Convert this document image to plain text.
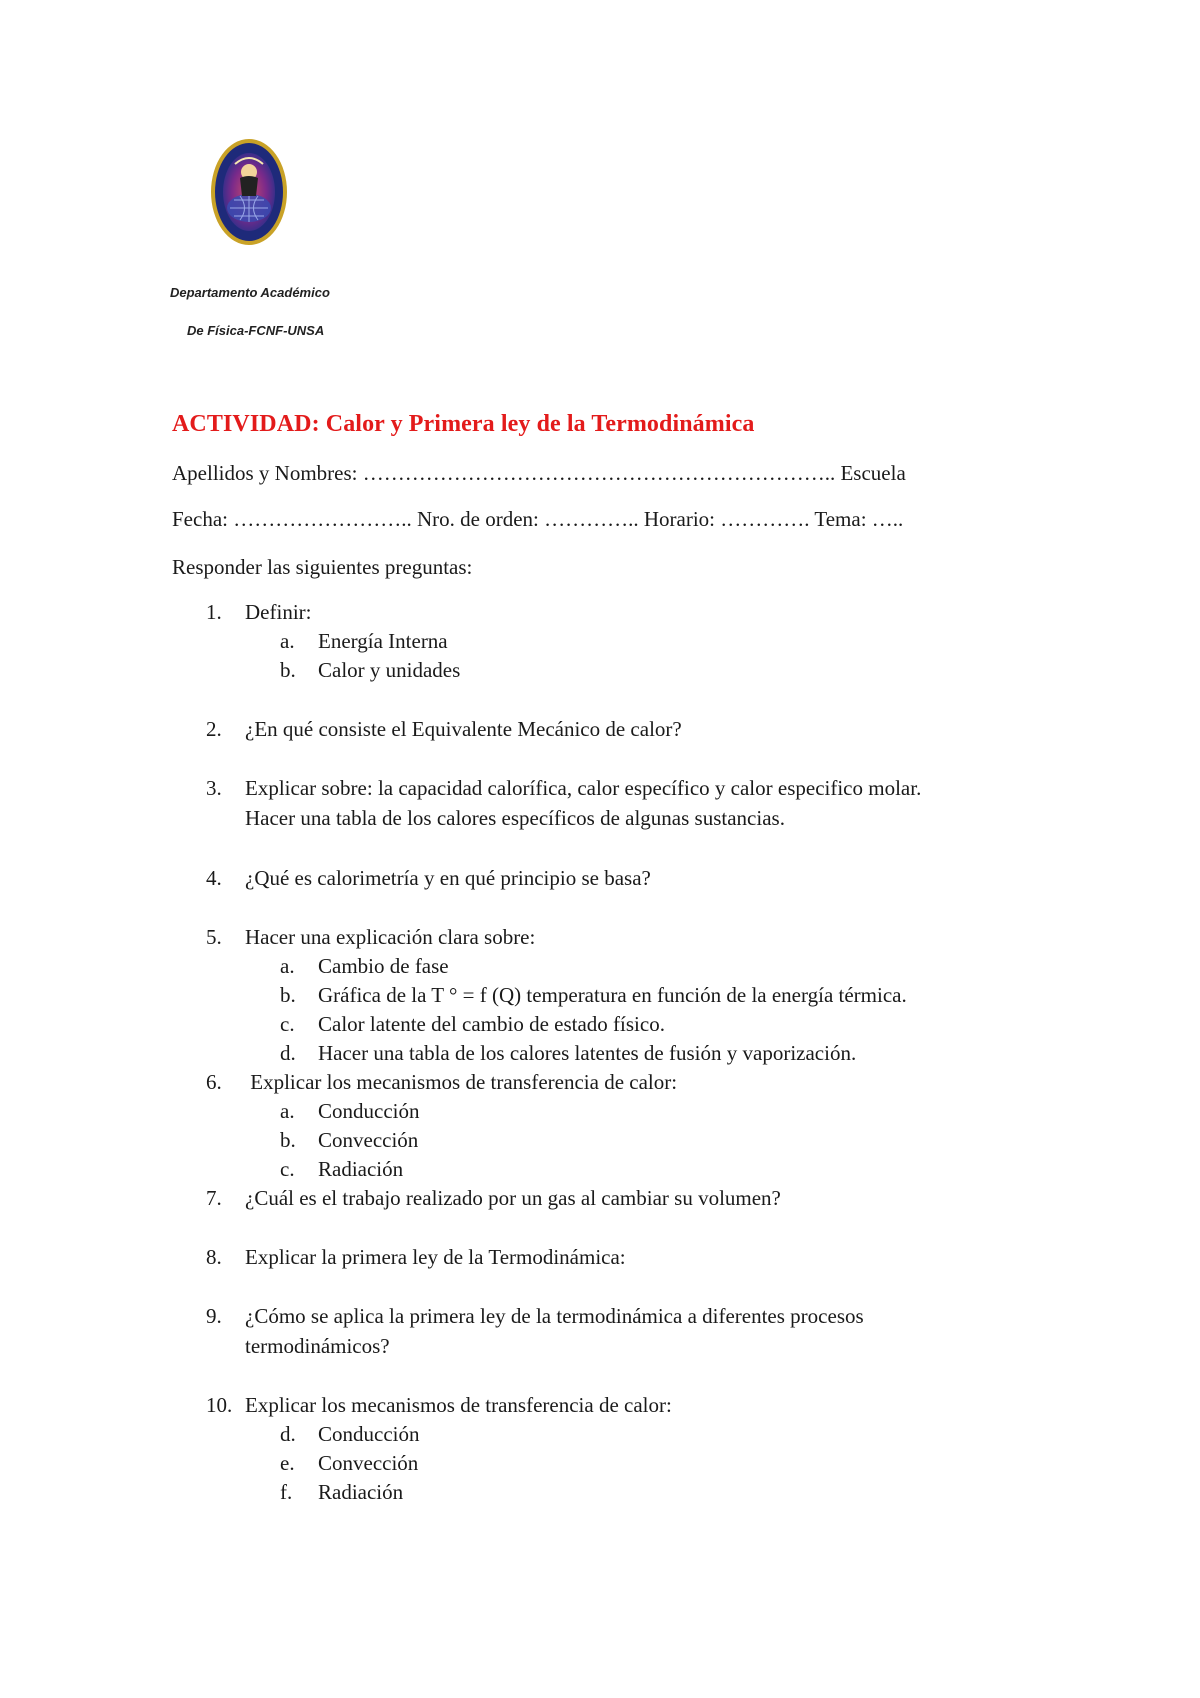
Departamento Académico
De Física-FCNF-UNSA
ACTIVIDAD: Calor y Primera ley de la Termodinámica
Apellidos y Nombres: ………………………………………………………….. Escuela
Fecha: …………………….. Nro. de orden: ………….. Horario: …………. Tema: …..
Responder las siguientes preguntas:
1. Definir:
a. Energía Interna
b. Calor y unidades
2. ¿En qué consiste el Equivalente Mecánico de calor?
3. Explicar sobre: la capacidad calorífica, calor específico y calor especifico molar.
Hacer una tabla de los calores específicos de algunas sustancias.
4. ¿Qué es calorimetría y en qué principio se basa?
5. Hacer una explicación clara sobre:
a. Cambio de fase
b. Gráfica de la T ° = f (Q) temperatura en función de la energía térmica.
c. Calor latente del cambio de estado físico.
d. Hacer una tabla de los calores latentes de fusión y vaporización.
6. Explicar los mecanismos de transferencia de calor:
a. Conducción
b. Convección
c. Radiación
7. ¿Cuál es el trabajo realizado por un gas al cambiar su volumen?
8. Explicar la primera ley de la Termodinámica:
9. ¿Cómo se aplica la primera ley de la termodinámica a diferentes procesos
termodinámicos?
10. Explicar los mecanismos de transferencia de calor:
d. Conducción
e. Convección
f. Radiación
